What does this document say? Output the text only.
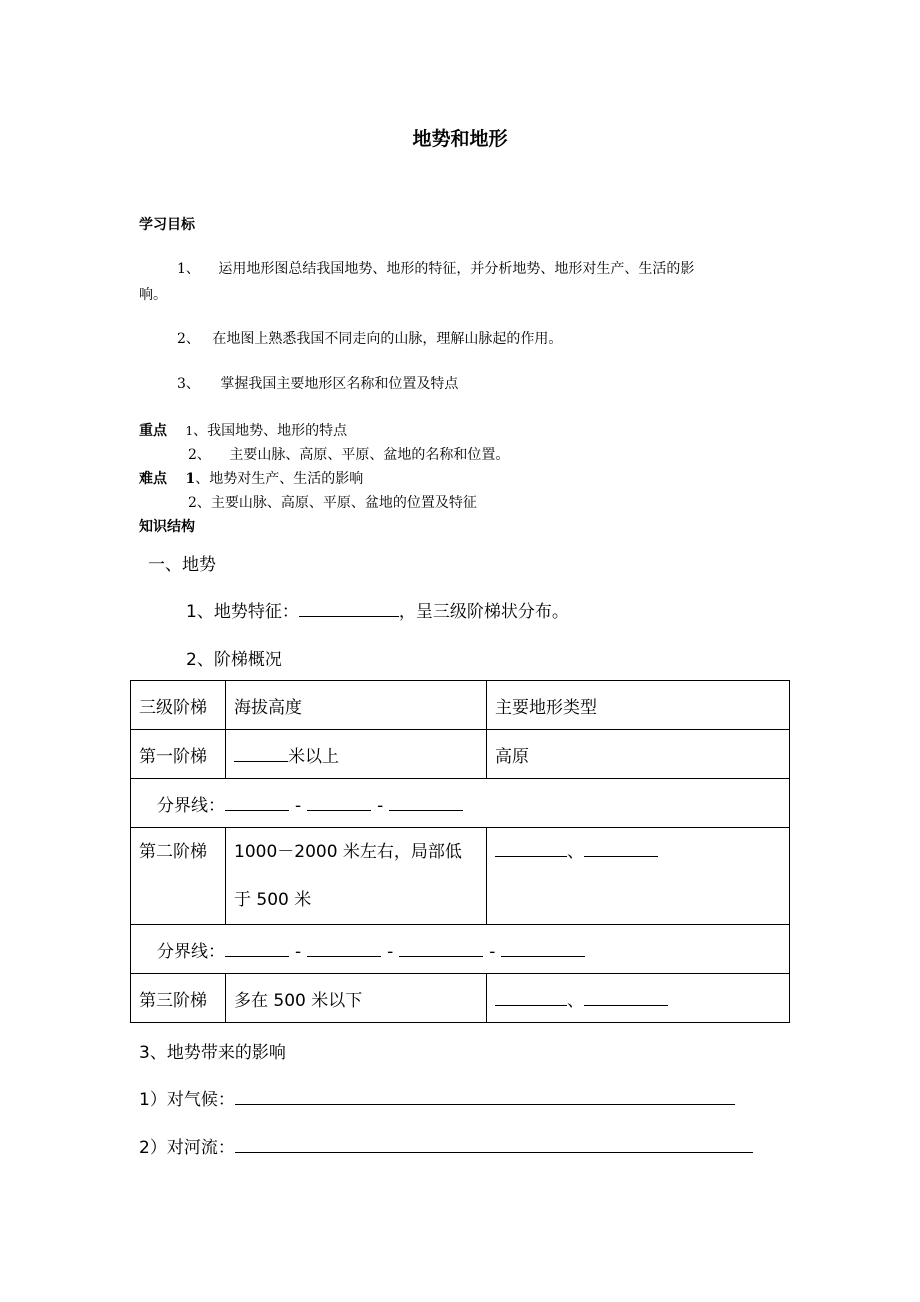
地势和地形
学习目标
1、 运用地形图总结我国地势、地形的特征，并分析地势、地形对生产、生活的影
响。
2、 在地图上熟悉我国不同走向的山脉，理解山脉起的作用。
3、 掌握我国主要地形区名称和位置及特点
重点 1、我国地势、地形的特点
2、 主要山脉、高原、平原、盆地的名称和位置。
难点 1、地势对生产、生活的影响
2、主要山脉、高原、平原、盆地的位置及特征
知识结构
一、地势
1、地势特征：	，呈三级阶梯状分布。
2、阶梯概况
三级阶梯	海拔高度	主要地形类型
第一阶梯	米以上	高原
分界线： - -		

第二阶梯	1000－2000 米左右，局部低于 500 米	、
分界线： - - -		
第三阶梯	多在 500 米以下	、
3、地势带来的影响
1）对气候：
2）对河流：
